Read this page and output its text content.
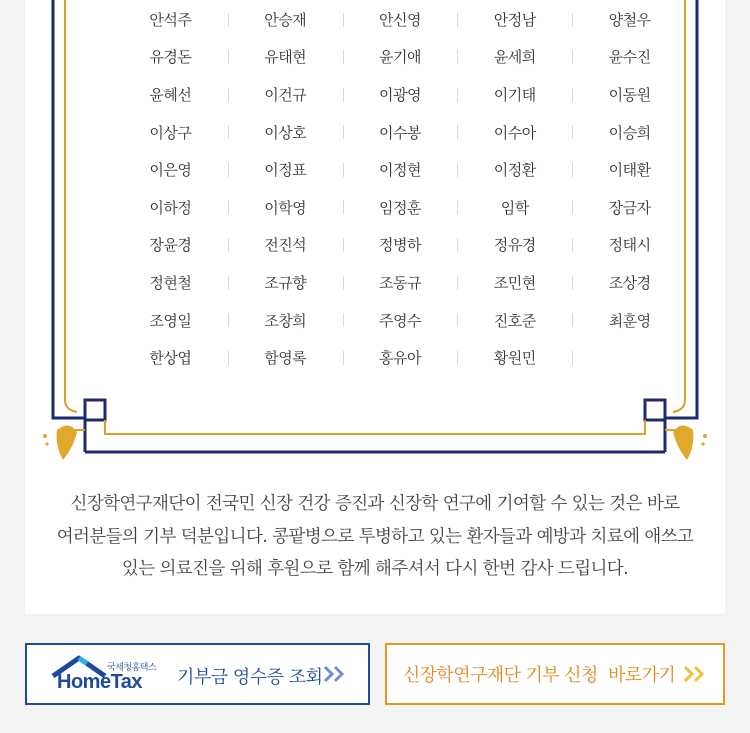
안석주	안승재	안신영	안정남	양철우
유경돈	유태현	윤기애	윤세희	윤수진
윤혜선	이건규	이광영	이기태	이동원
이상구	이상호	이수봉	이수아	이승희
이은영	이정표	이정현	이정환	이태환
이하정	이학영	임정훈	임학	장금자
장윤경	전진석	정병하	정유경	정태시
정현철	조규향	조동규	조민현	조상경
조영일	조창희	주영수	진호준	최훈영
한상엽	함영록	홍유아	황원민
신장학연구재단이 전국민 신장 건강 증진과 신장학 연구에 기여할 수 있는 것은 바로
여러분들의 기부 덕분입니다. 콩팥병으로 투병하고 있는 환자들과 예방과 치료에 애쓰고
있는 의료진을 위해 후원으로 함께 해주셔서 다시 한번 감사 드립니다.
국세청홈택스
HomeTax 기부금 영수증 조회	신장학연구재단 기부 신청  바로가기
